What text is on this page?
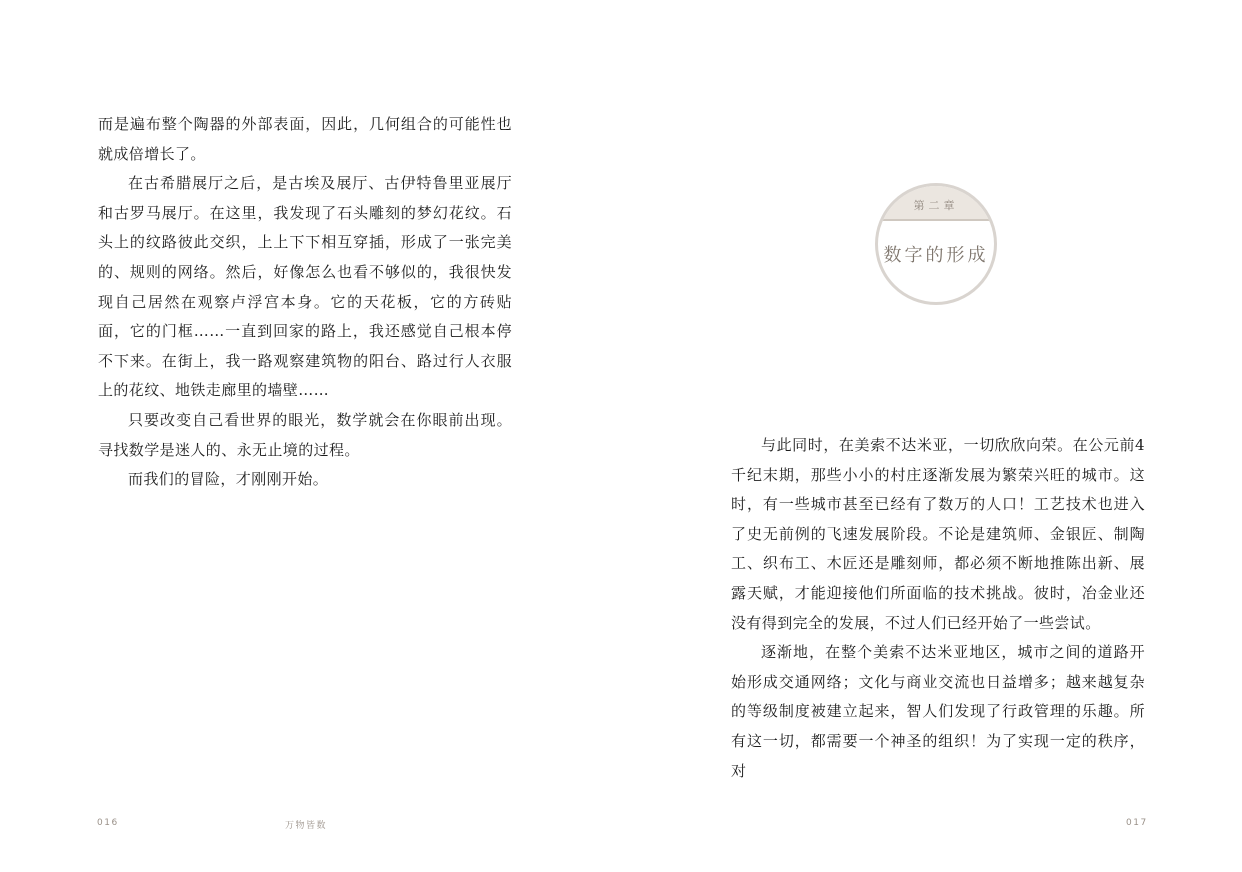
而是遍布整个陶器的外部表面，因此，几何组合的可能性也就成倍增长了。

在古希腊展厅之后，是古埃及展厅、古伊特鲁里亚展厅和古罗马展厅。在这里，我发现了石头雕刻的梦幻花纹。石头上的纹路彼此交织，上上下下相互穿插，形成了一张完美的、规则的网络。然后，好像怎么也看不够似的，我很快发现自己居然在观察卢浮宫本身。它的天花板，它的方砖贴面，它的门框……一直到回家的路上，我还感觉自己根本停不下来。在街上，我一路观察建筑物的阳台、路过行人衣服上的花纹、地铁走廊里的墙壁……

只要改变自己看世界的眼光，数学就会在你眼前出现。寻找数学是迷人的、永无止境的过程。

而我们的冒险，才刚刚开始。

016	万物皆数
第二章
数字的形成

与此同时，在美索不达米亚，一切欣欣向荣。在公元前4千纪末期，那些小小的村庄逐渐发展为繁荣兴旺的城市。这时，有一些城市甚至已经有了数万的人口！工艺技术也进入了史无前例的飞速发展阶段。不论是建筑师、金银匠、制陶工、织布工、木匠还是雕刻师，都必须不断地推陈出新、展露天赋，才能迎接他们所面临的技术挑战。彼时，冶金业还没有得到完全的发展，不过人们已经开始了一些尝试。

逐渐地，在整个美索不达米亚地区，城市之间的道路开始形成交通网络；文化与商业交流也日益增多；越来越复杂的等级制度被建立起来，智人们发现了行政管理的乐趣。所有这一切，都需要一个神圣的组织！为了实现一定的秩序，对

017
